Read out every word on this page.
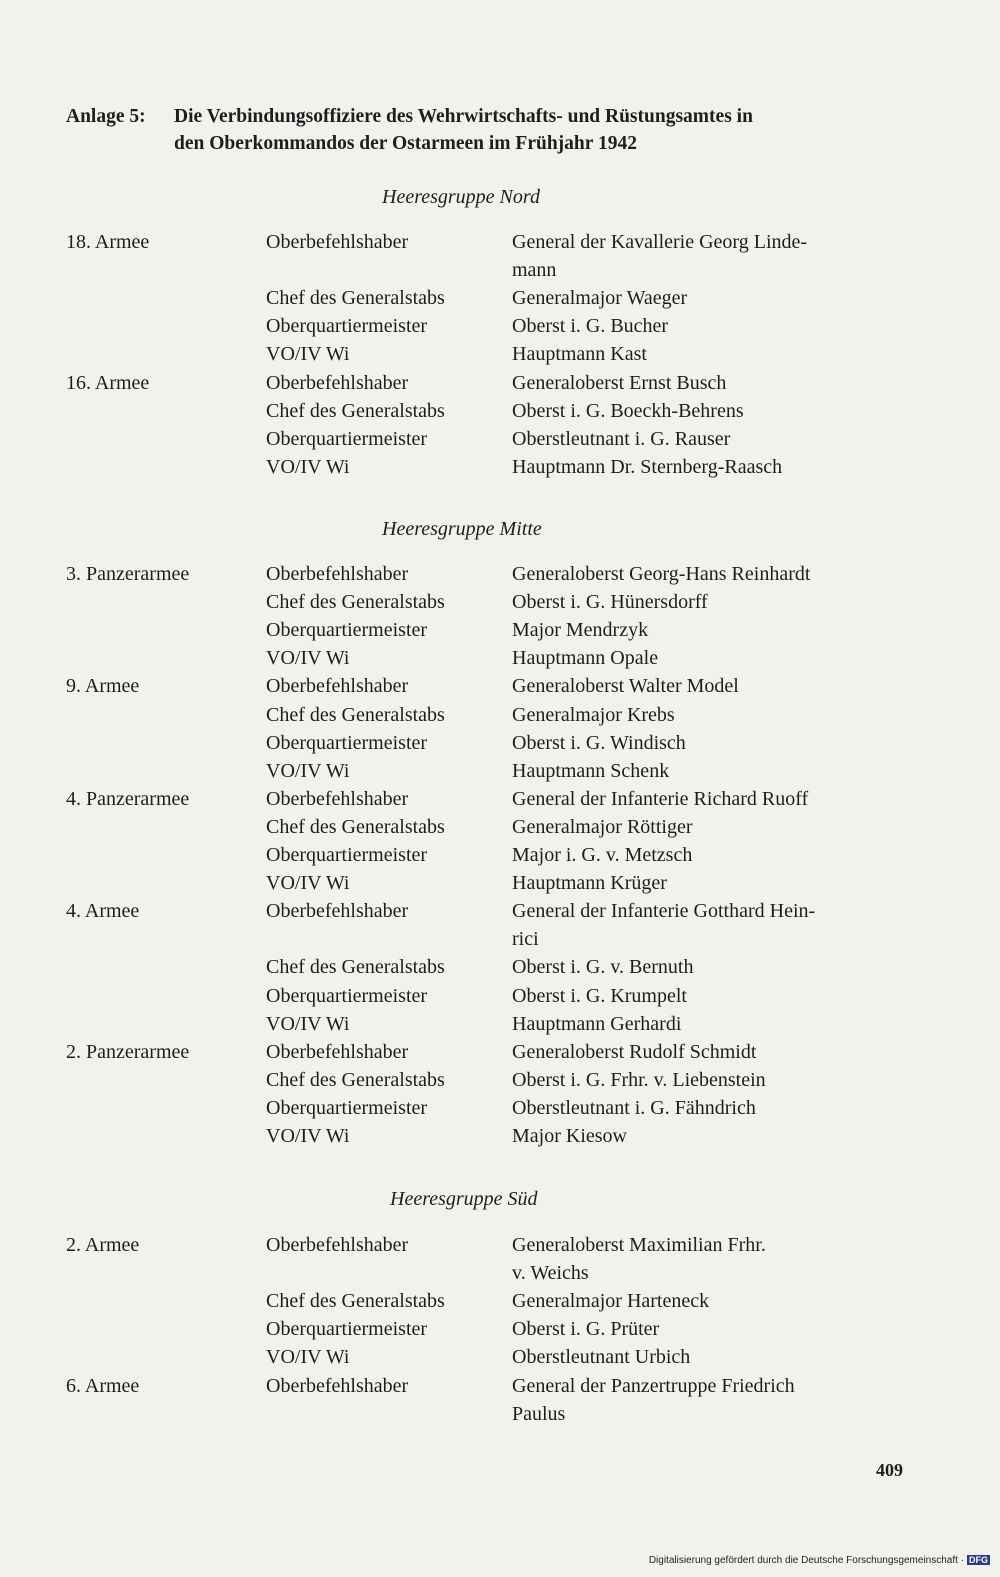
Anlage 5: Die Verbindungsoffiziere des Wehrwirtschafts- und Rüstungsamtes in
den Oberkommandos der Ostarmeen im Frühjahr 1942
Heeresgruppe Nord
18. Armee	Oberbefehlshaber	General der Kavallerie Georg Linde-
mann
Chef des Generalstabs	Generalmajor Waeger
Oberquartiermeister	Oberst i. G. Bucher
VO/IV Wi	Hauptmann Kast
16. Armee	Oberbefehlshaber	Generaloberst Ernst Busch
Chef des Generalstabs	Oberst i. G. Boeckh-Behrens
Oberquartiermeister	Oberstleutnant i. G. Rauser
VO/IV Wi	Hauptmann Dr. Sternberg-Raasch
Heeresgruppe Mitte
3. Panzerarmee	Oberbefehlshaber	Generaloberst Georg-Hans Reinhardt
Chef des Generalstabs	Oberst i. G. Hünersdorff
Oberquartiermeister	Major Mendrzyk
VO/IV Wi	Hauptmann Opale
9. Armee	Oberbefehlshaber	Generaloberst Walter Model
Chef des Generalstabs	Generalmajor Krebs
Oberquartiermeister	Oberst i. G. Windisch
VO/IV Wi	Hauptmann Schenk
4. Panzerarmee	Oberbefehlshaber	General der Infanterie Richard Ruoff
Chef des Generalstabs	Generalmajor Röttiger
Oberquartiermeister	Major i. G. v. Metzsch
VO/IV Wi	Hauptmann Krüger
4. Armee	Oberbefehlshaber	General der Infanterie Gotthard Hein-
rici
Chef des Generalstabs	Oberst i. G. v. Bernuth
Oberquartiermeister	Oberst i. G. Krumpelt
VO/IV Wi	Hauptmann Gerhardi
2. Panzerarmee	Oberbefehlshaber	Generaloberst Rudolf Schmidt
Chef des Generalstabs	Oberst i. G. Frhr. v. Liebenstein
Oberquartiermeister	Oberstleutnant i. G. Fähndrich
VO/IV Wi	Major Kiesow
Heeresgruppe Süd
2. Armee	Oberbefehlshaber	Generaloberst Maximilian Frhr.
v. Weichs
Chef des Generalstabs	Generalmajor Harteneck
Oberquartiermeister	Oberst i. G. Prüter
VO/IV Wi	Oberstleutnant Urbich
6. Armee	Oberbefehlshaber	General der Panzertruppe Friedrich
Paulus
409
Digitalisierung gefördert durch die Deutsche Forschungsgemeinschaft · DFG
